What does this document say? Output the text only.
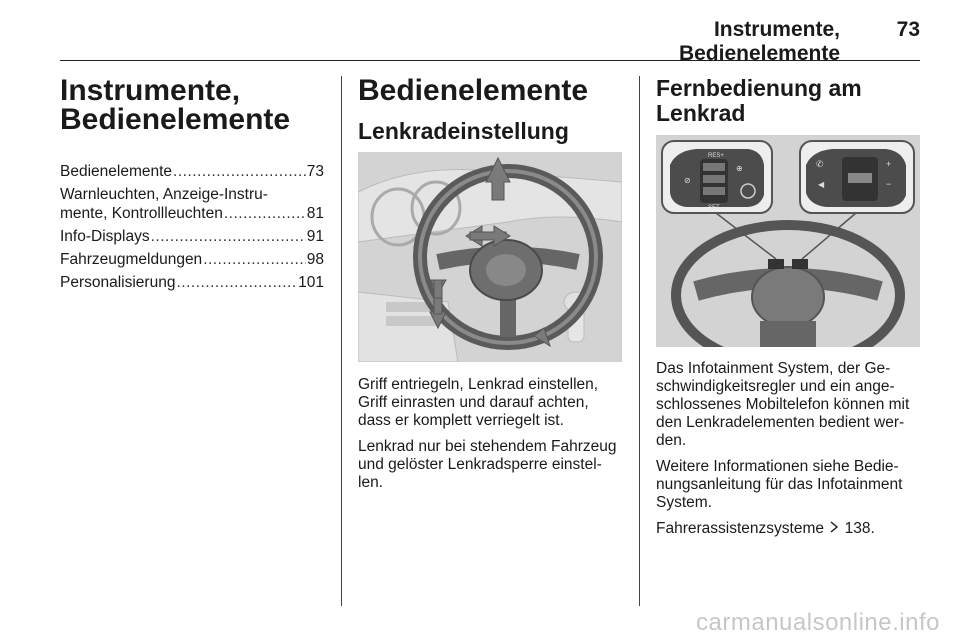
Instrumente, Bedienelemente
73
Instrumente,
Bedienelemente
Bedienelemente .....	73
Warnleuchten, Anzeige-Instru-
mente, Kontrollleuchten .....	81
Info-Displays .....	91
Fahrzeugmeldungen .....	98
Personalisierung .....	101
Bedienelemente
Lenkradeinstellung

Griff entriegeln, Lenkrad einstellen, Griff einrasten und darauf achten, dass er komplett verriegelt ist.

Lenkrad nur bei stehendem Fahrzeug und gelöster Lenkradsperre einstel-len.

Fernbedienung am
Lenkrad
⊘
⊕
RES+
SET-
✆
◀
+
−

Das Infotainment System, der Ge-schwindigkeitsregler und ein ange-schlossenes Mobiltelefon können mit den Lenkradelementen bedient wer-den.

Weitere Informationen siehe Bedie-nungsanleitung für das Infotainment System.

Fahrerassistenzsysteme 138.

carmanualsonline.info
